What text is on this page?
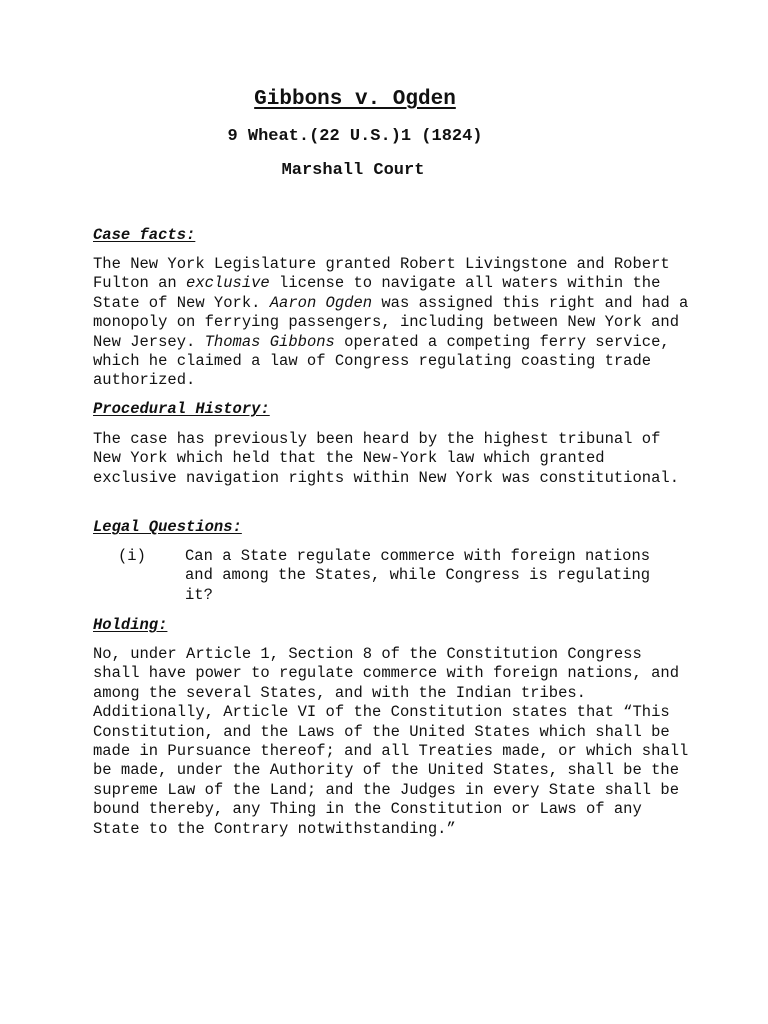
Gibbons v. Ogden
9 Wheat.(22 U.S.)1 (1824)
Marshall Court
Case facts:
The New York Legislature granted Robert Livingstone and Robert Fulton an exclusive license to navigate all waters within the State of New York. Aaron Ogden was assigned this right and had a monopoly on ferrying passengers, including between New York and New Jersey. Thomas Gibbons operated a competing ferry service, which he claimed a law of Congress regulating coasting trade authorized.
Procedural History:
The case has previously been heard by the highest tribunal of New York which held that the New-York law which granted exclusive navigation rights within New York was constitutional.
Legal Questions:
(i)	Can a State regulate commerce with foreign nations and among the States, while Congress is regulating it?
Holding:
No, under Article 1, Section 8 of the Constitution Congress shall have power to regulate commerce with foreign nations, and among the several States, and with the Indian tribes. Additionally, Article VI of the Constitution states that “This Constitution, and the Laws of the United States which shall be made in Pursuance thereof; and all Treaties made, or which shall be made, under the Authority of the United States, shall be the supreme Law of the Land; and the Judges in every State shall be bound thereby, any Thing in the Constitution or Laws of any State to the Contrary notwithstanding.”
